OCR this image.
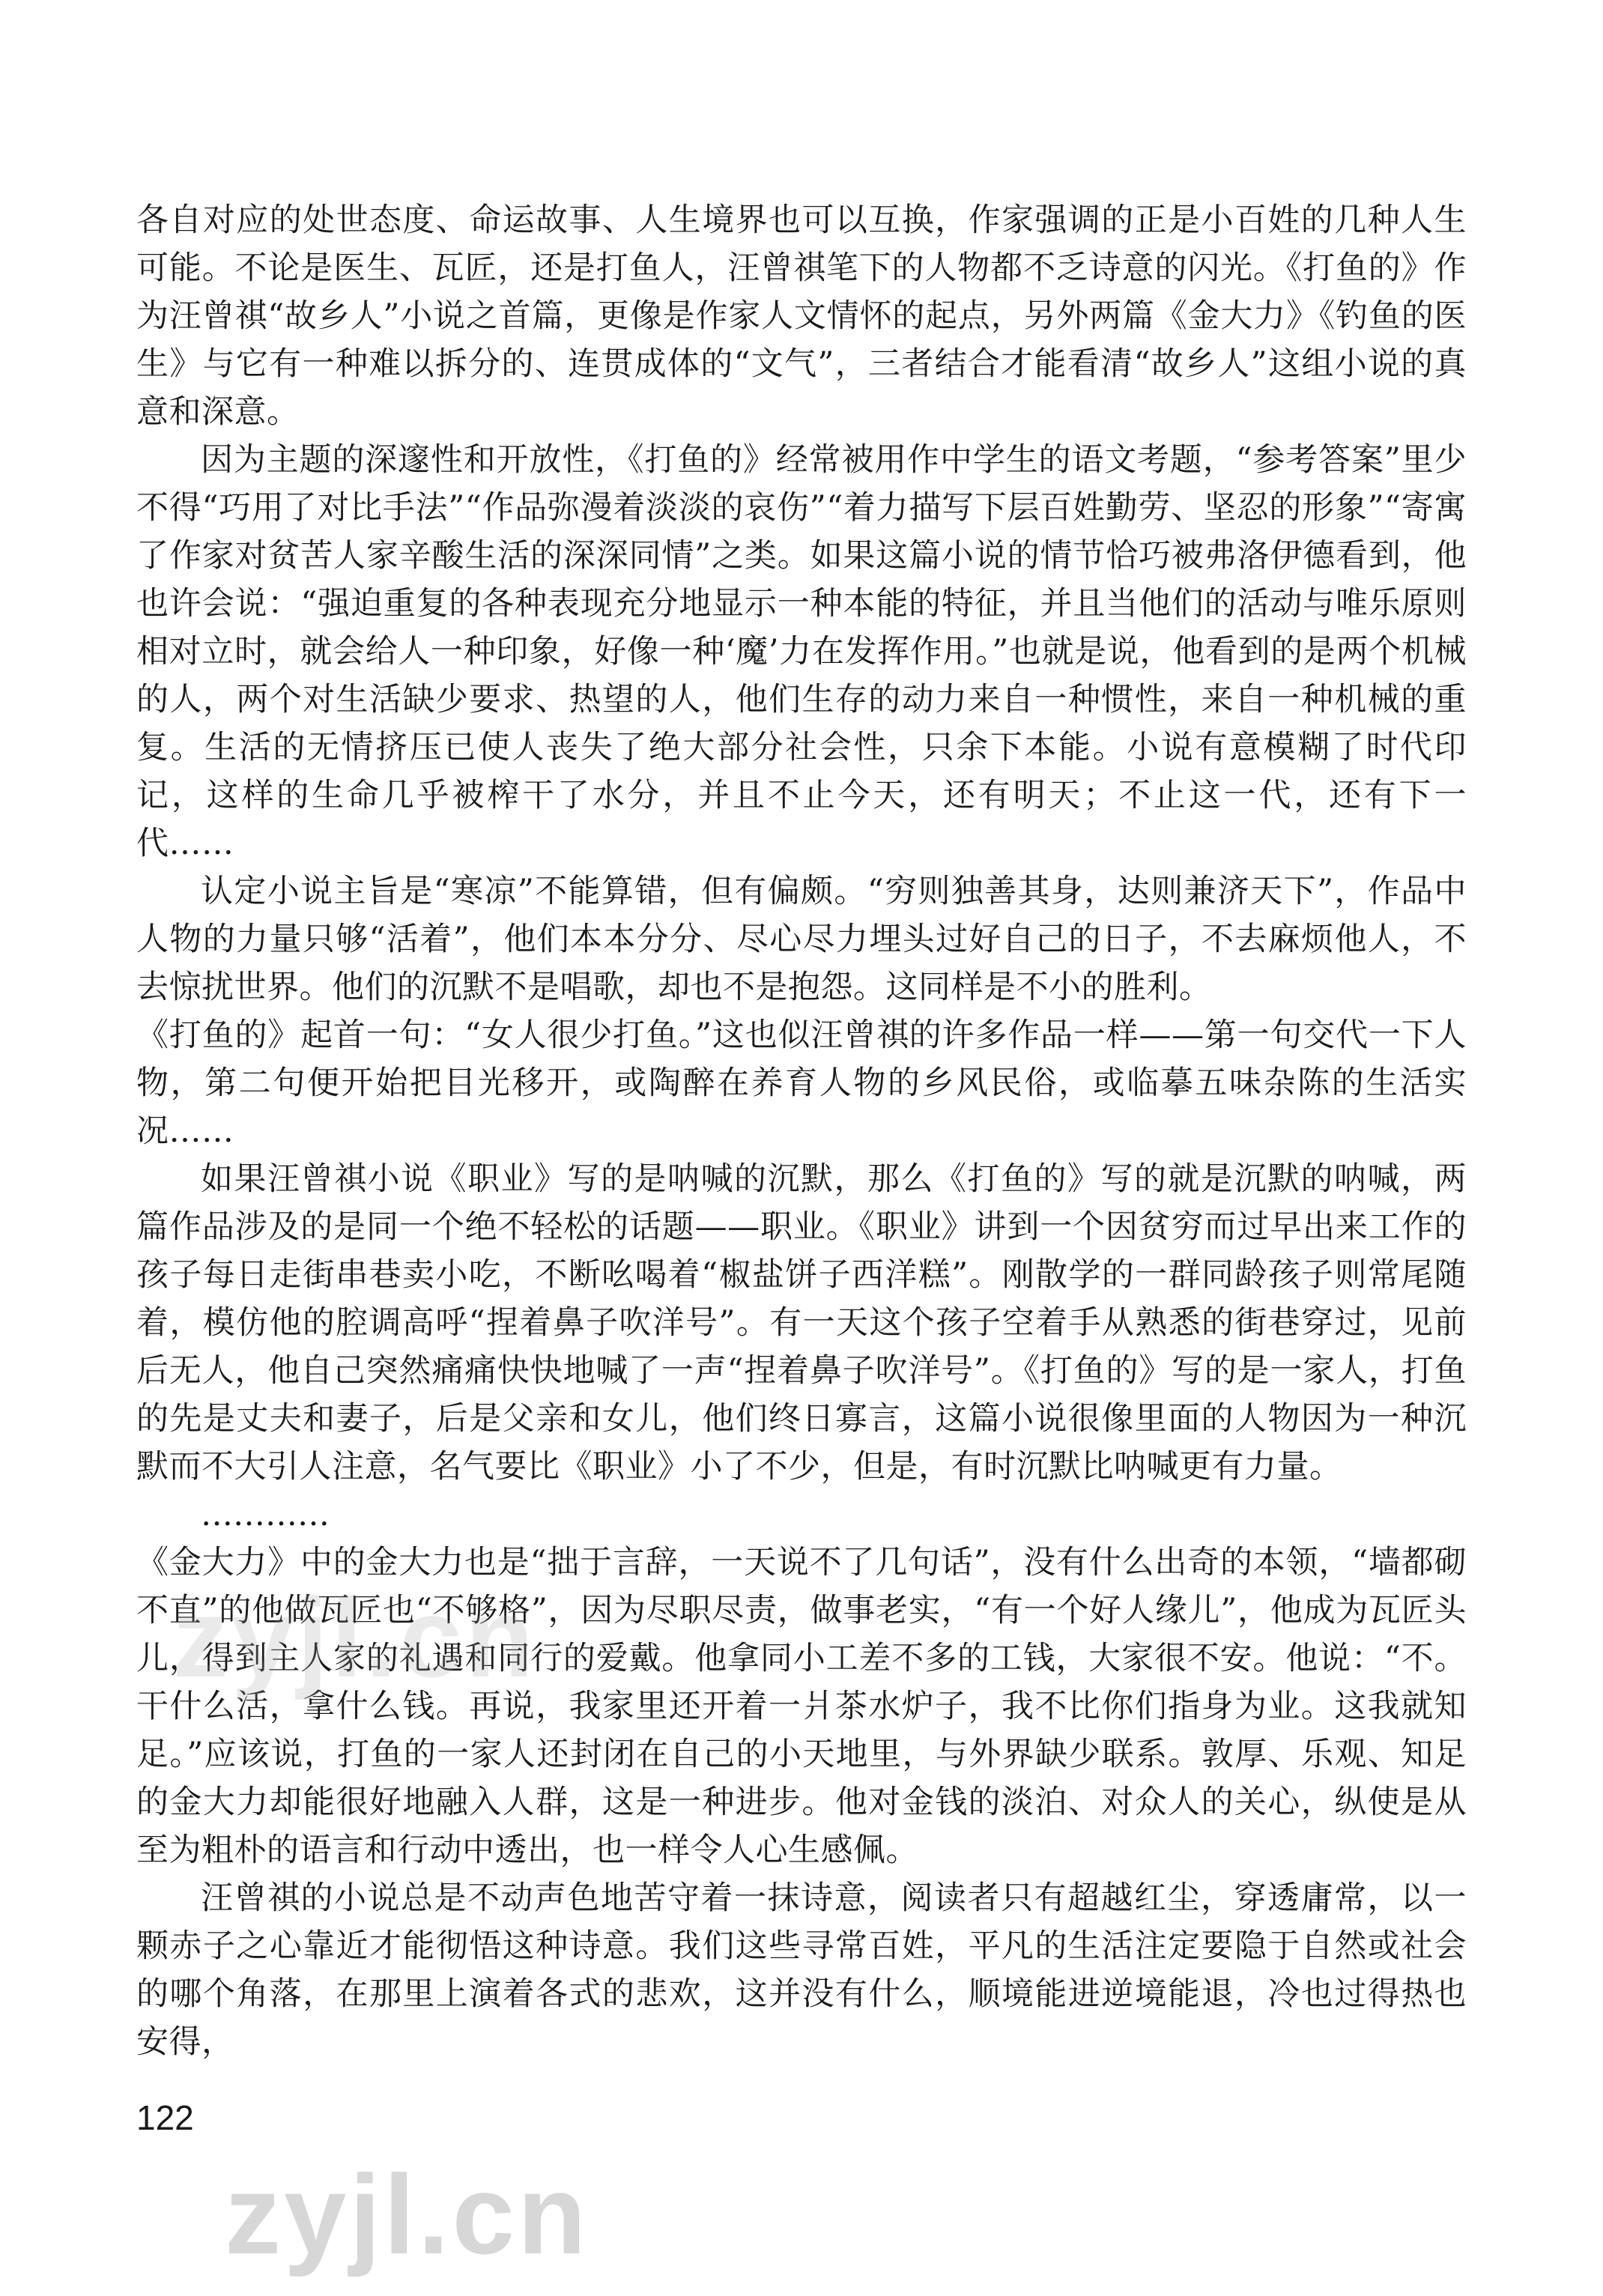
各自对应的处世态度、命运故事、人生境界也可以互换，作家强调的正是小百姓的几种人生可能。不论是医生、瓦匠，还是打鱼人，汪曾祺笔下的人物都不乏诗意的闪光。《打鱼的》作为汪曾祺“故乡人”小说之首篇，更像是作家人文情怀的起点，另外两篇《金大力》《钓鱼的医生》与它有一种难以拆分的、连贯成体的“文气”，三者结合才能看清“故乡人”这组小说的真意和深意。

因为主题的深邃性和开放性，《打鱼的》经常被用作中学生的语文考题，“参考答案”里少不得“巧用了对比手法”“作品弥漫着淡淡的哀伤”“着力描写下层百姓勤劳、坚忍的形象”“寄寓了作家对贫苦人家辛酸生活的深深同情”之类。如果这篇小说的情节恰巧被弗洛伊德看到，他也许会说：“强迫重复的各种表现充分地显示一种本能的特征，并且当他们的活动与唯乐原则相对立时，就会给人一种印象，好像一种‘魔’力在发挥作用。”也就是说，他看到的是两个机械的人，两个对生活缺少要求、热望的人，他们生存的动力来自一种惯性，来自一种机械的重复。生活的无情挤压已使人丧失了绝大部分社会性，只余下本能。小说有意模糊了时代印记，这样的生命几乎被榨干了水分，并且不止今天，还有明天；不止这一代，还有下一代……

认定小说主旨是“寒凉”不能算错，但有偏颇。“穷则独善其身，达则兼济天下”，作品中人物的力量只够“活着”，他们本本分分、尽心尽力埋头过好自己的日子，不去麻烦他人，不去惊扰世界。他们的沉默不是唱歌，却也不是抱怨。这同样是不小的胜利。

《打鱼的》起首一句：“女人很少打鱼。”这也似汪曾祺的许多作品一样——第一句交代一下人物，第二句便开始把目光移开，或陶醉在养育人物的乡风民俗，或临摹五味杂陈的生活实况……

如果汪曾祺小说《职业》写的是呐喊的沉默，那么《打鱼的》写的就是沉默的呐喊，两篇作品涉及的是同一个绝不轻松的话题——职业。《职业》讲到一个因贫穷而过早出来工作的孩子每日走街串巷卖小吃，不断吆喝着“椒盐饼子西洋糕”。刚散学的一群同龄孩子则常尾随着，模仿他的腔调高呼“捏着鼻子吹洋号”。有一天这个孩子空着手从熟悉的街巷穿过，见前后无人，他自己突然痛痛快快地喊了一声“捏着鼻子吹洋号”。《打鱼的》写的是一家人，打鱼的先是丈夫和妻子，后是父亲和女儿，他们终日寡言，这篇小说很像里面的人物因为一种沉默而不大引人注意，名气要比《职业》小了不少，但是，有时沉默比呐喊更有力量。

…………

《金大力》中的金大力也是“拙于言辞，一天说不了几句话”，没有什么出奇的本领，“墙都砌不直”的他做瓦匠也“不够格”，因为尽职尽责，做事老实，“有一个好人缘儿”，他成为瓦匠头儿，得到主人家的礼遇和同行的爱戴。他拿同小工差不多的工钱，大家很不安。他说：“不。干什么活，拿什么钱。再说，我家里还开着一爿茶水炉子，我不比你们指身为业。这我就知足。”应该说，打鱼的一家人还封闭在自己的小天地里，与外界缺少联系。敦厚、乐观、知足的金大力却能很好地融入人群，这是一种进步。他对金钱的淡泊、对众人的关心，纵使是从至为粗朴的语言和行动中透出，也一样令人心生感佩。

汪曾祺的小说总是不动声色地苦守着一抹诗意，阅读者只有超越红尘，穿透庸常，以一颗赤子之心靠近才能彻悟这种诗意。我们这些寻常百姓，平凡的生活注定要隐于自然或社会的哪个角落，在那里上演着各式的悲欢，这并没有什么，顺境能进逆境能退，冷也过得热也安得，

zyjl.cn
122
zyjl.cn
